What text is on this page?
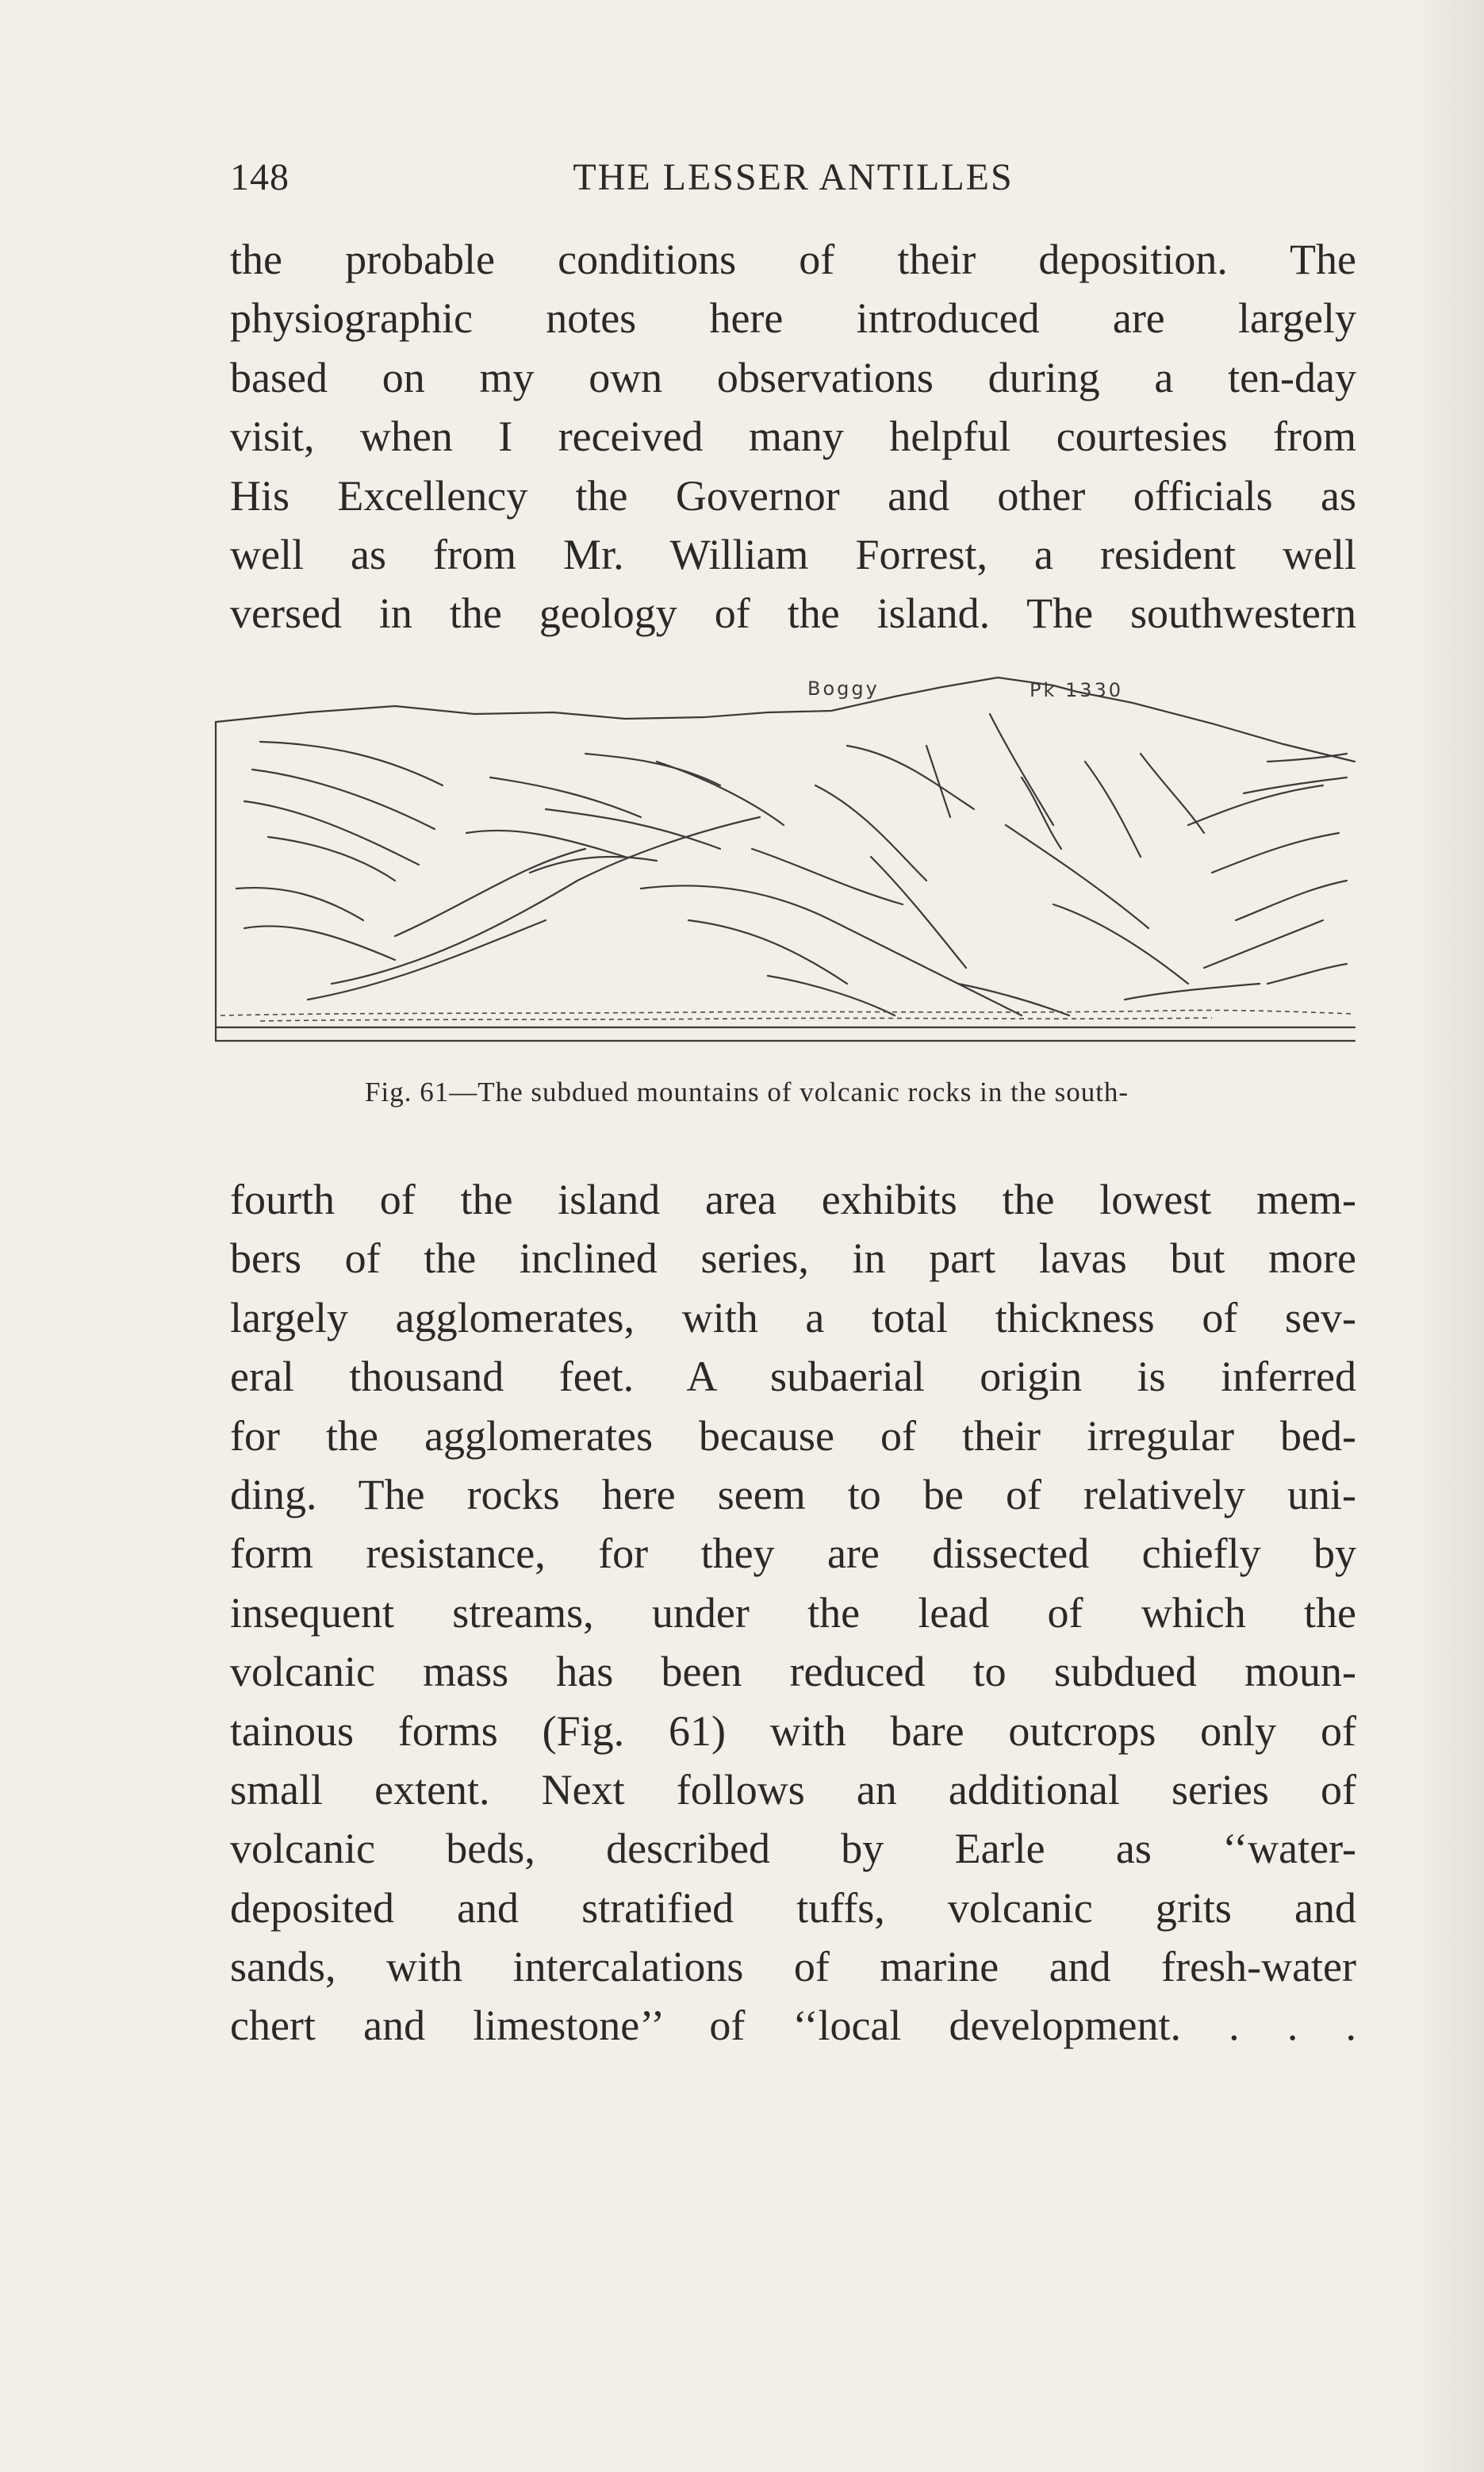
THE LESSER ANTILLES
148
the probable conditions of their deposition. The
physiographic notes here introduced are largely
based on my own observations during a ten-day
visit, when I received many helpful courtesies from
His Excellency the Governor and other officials as
well as from Mr. William Forrest, a resident well
versed in the geology of the island. The southwestern
Boggy	Pk 1330
Fig. 61—The subdued mountains of volcanic rocks in the south-
fourth of the island area exhibits the lowest mem-
bers of the inclined series, in part lavas but more
largely agglomerates, with a total thickness of sev-
eral thousand feet. A subaerial origin is inferred
for the agglomerates because of their irregular bed-
ding. The rocks here seem to be of relatively uni-
form resistance, for they are dissected chiefly by
insequent streams, under the lead of which the
volcanic mass has been reduced to subdued moun-
tainous forms (Fig. 61) with bare outcrops only of
small extent. Next follows an additional series of
volcanic beds, described by Earle as ‘‘water-
deposited and stratified tuffs, volcanic grits and
sands, with intercalations of marine and fresh-water
chert and limestone’’ of ‘‘local development. . . .
